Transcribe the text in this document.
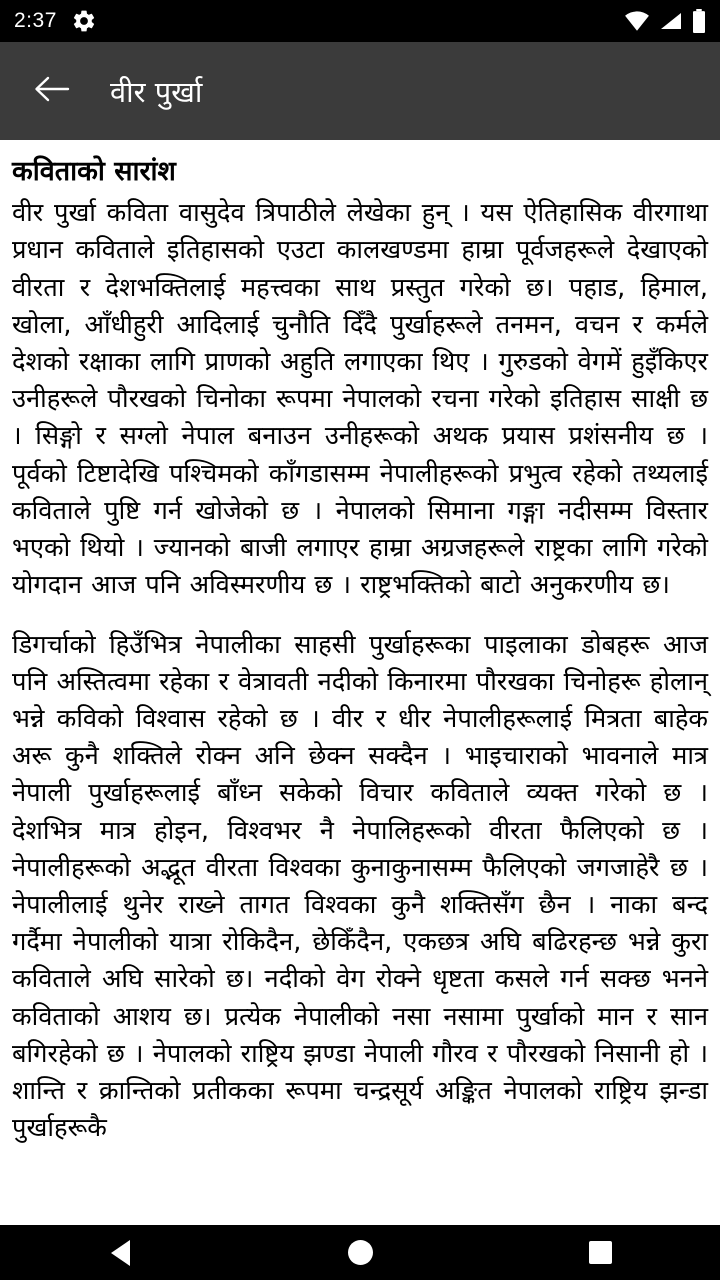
2:37
वीर पुर्खा
कविताको सारांश

वीर पुर्खा कविता वासुदेव त्रिपाठीले लेखेका हुन् । यस ऐतिहासिक वीरगाथा प्रधान कविताले इतिहासको एउटा कालखण्डमा हाम्रा पूर्वजहरूले देखाएको वीरता र देशभक्तिलाई महत्त्वका साथ प्रस्तुत गरेको छ। पहाड, हिमाल, खोला, आँधीहुरी आदिलाई चुनौति दिँदै पुर्खाहरूले तनमन, वचन र कर्मले देशको रक्षाका लागि प्राणको अहुति लगाएका थिए । गुरुडको वेगमें हुइँकिएर उनीहरूले पौरखको चिनोका रूपमा नेपालको रचना गरेको इतिहास साक्षी छ । सिङ्गो र सग्लो नेपाल बनाउन उनीहरूको अथक प्रयास प्रशंसनीय छ । पूर्वको टिष्टादेखि पश्चिमको काँगडासम्म नेपालीहरूको प्रभुत्व रहेको तथ्यलाई कविताले पुष्टि गर्न खोजेको छ । नेपालको सिमाना गङ्गा नदीसम्म विस्तार भएको थियो । ज्यानको बाजी लगाएर हाम्रा अग्रजहरूले राष्ट्रका लागि गरेको योगदान आज पनि अविस्मरणीय छ । राष्ट्रभक्तिको बाटो अनुकरणीय छ।

डिगर्चाको हिउँभित्र नेपालीका साहसी पुर्खाहरूका पाइलाका डोबहरू आज पनि अस्तित्वमा रहेका र वेत्रावती नदीको किनारमा पौरखका चिनोहरू होलान् भन्ने कविको विश्वास रहेको छ । वीर र धीर नेपालीहरूलाई मित्रता बाहेक अरू कुनै शक्तिले रोक्न अनि छेक्न सक्दैन । भाइचाराको भावनाले मात्र नेपाली पुर्खाहरूलाई बाँध्न सकेको विचार कविताले व्यक्त गरेको छ । देशभित्र मात्र होइन, विश्वभर नै नेपालिहरूको वीरता फैलिएको छ । नेपालीहरूको अद्भूत वीरता विश्वका कुनाकुनासम्म फैलिएको जगजाहेरै छ । नेपालीलाई थुनेर राख्ने तागत विश्वका कुनै शक्तिसँग छैन । नाका बन्द गर्दैमा नेपालीको यात्रा रोकिदैन, छेकिँदैन, एकछत्र अघि बढिरहन्छ भन्ने कुरा कविताले अघि सारेको छ। नदीको वेग रोक्ने धृष्टता कसले गर्न सक्छ भनने कविताको आशय छ। प्रत्येक नेपालीको नसा नसामा पुर्खाको मान र सान बगिरहेको छ । नेपालको राष्ट्रिय झण्डा नेपाली गौरव र पौरखको निसानी हो । शान्ति र क्रान्तिको प्रतीकका रूपमा चन्द्रसूर्य अङ्कित नेपालको राष्ट्रिय झन्डा पुर्खाहरूकै
